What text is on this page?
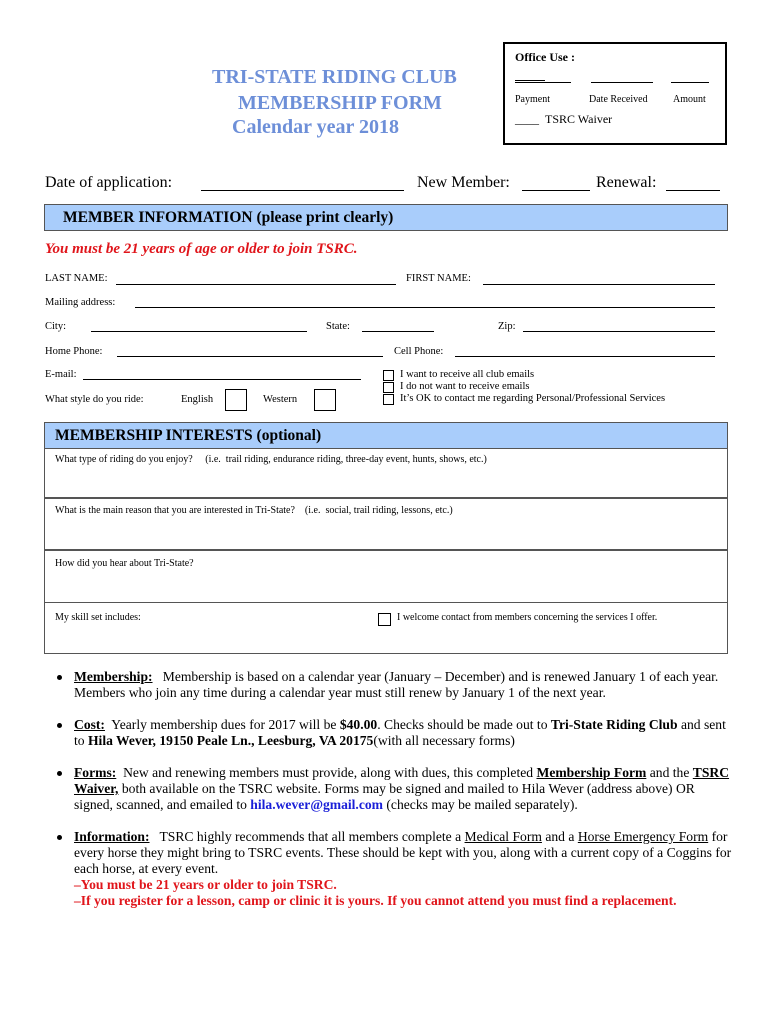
Office Use :
Payment	Date Received	Amount
____ TSRC Waiver
TRI-STATE RIDING CLUB
MEMBERSHIP FORM
Calendar year 2018
Date of application:	New Member:	Renewal:
MEMBER INFORMATION (please print clearly)
You must be 21 years of age or older to join TSRC.
LAST NAME:	FIRST NAME:
Mailing address:
City:	State:	Zip:
Home Phone:	Cell Phone:
E-mail:	I want to receive all club emails
I do not want to receive emails
It’s OK to contact me regarding Personal/Professional Services
What style do you ride:	English	Western
MEMBERSHIP INTERESTS (optional)
What type of riding do you enjoy?     (i.e.  trail riding, endurance riding, three-day event, hunts, shows, etc.)
What is the main reason that you are interested in Tri-State?    (i.e.  social, trail riding, lessons, etc.)
How did you hear about Tri-State?
My skill set includes:	I welcome contact from members concerning the services I offer.

Membership: Membership is based on a calendar year (January – December) and is renewed January 1 of each year. Members who join any time during a calendar year must still renew by January 1 of the next year.

Cost: Yearly membership dues for 2017 will be $40.00. Checks should be made out to Tri-State Riding Club and sent to Hila Wever, 19150 Peale Ln., Leesburg, VA 20175(with all necessary forms)

Forms: New and renewing members must provide, along with dues, this completed Membership Form and the TSRC Waiver, both available on the TSRC website. Forms may be signed and mailed to Hila Wever (address above) OR signed, scanned, and emailed to hila.wever@gmail.com (checks may be mailed separately).

Information: TSRC highly recommends that all members complete a Medical Form and a Horse Emergency Form for every horse they might bring to TSRC events. These should be kept with you, along with a current copy of a Coggins for each horse, at every event.
–You must be 21 years or older to join TSRC.
–If you register for a lesson, camp or clinic it is yours. If you cannot attend you must find a replacement.
